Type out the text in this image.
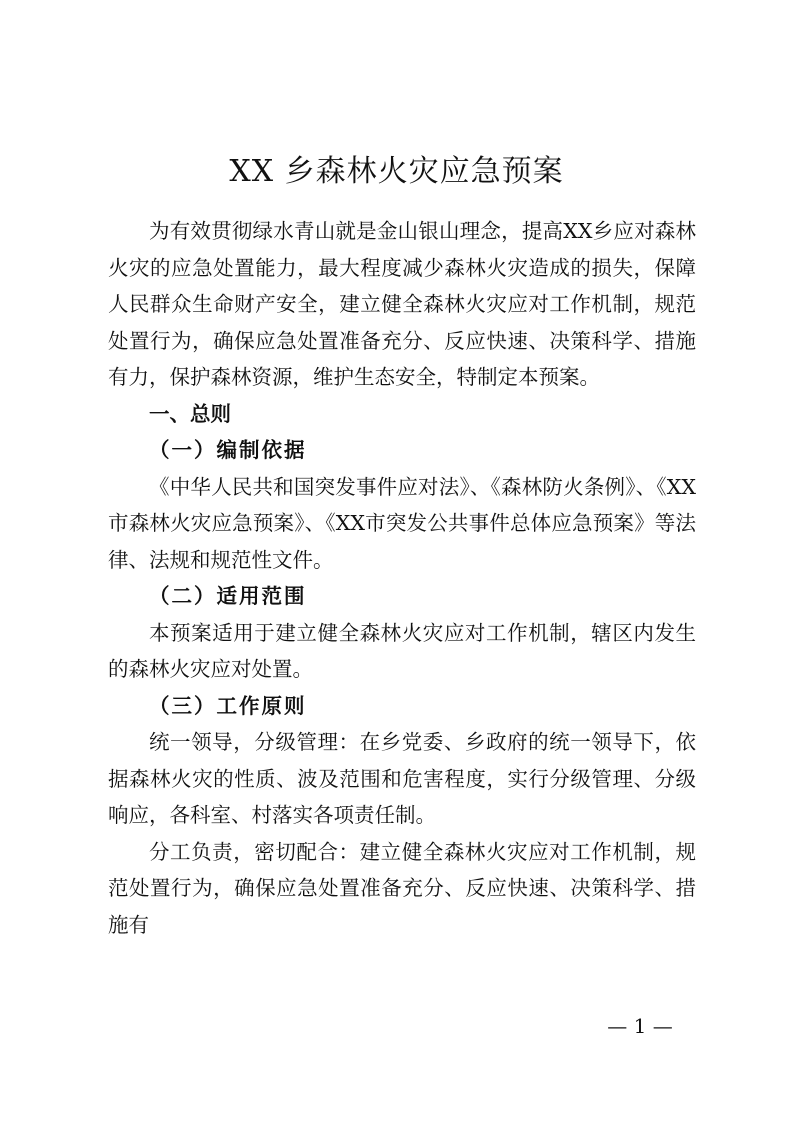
XX 乡森林火灾应急预案

为有效贯彻绿水青山就是金山银山理念，提高XX乡应对森林火灾的应急处置能力，最大程度减少森林火灾造成的损失，保障人民群众生命财产安全，建立健全森林火灾应对工作机制，规范处置行为，确保应急处置准备充分、反应快速、决策科学、措施有力，保护森林资源，维护生态安全，特制定本预案。

一、总则
（一）编制依据

《中华人民共和国突发事件应对法》、《森林防火条例》、《XX市森林火灾应急预案》、《XX市突发公共事件总体应急预案》等法律、法规和规范性文件。

（二）适用范围

本预案适用于建立健全森林火灾应对工作机制，辖区内发生的森林火灾应对处置。

（三）工作原则

统一领导，分级管理：在乡党委、乡政府的统一领导下，依据森林火灾的性质、波及范围和危害程度，实行分级管理、分级响应，各科室、村落实各项责任制。

分工负责，密切配合：建立健全森林火灾应对工作机制，规范处置行为，确保应急处置准备充分、反应快速、决策科学、措施有

— 1 —
